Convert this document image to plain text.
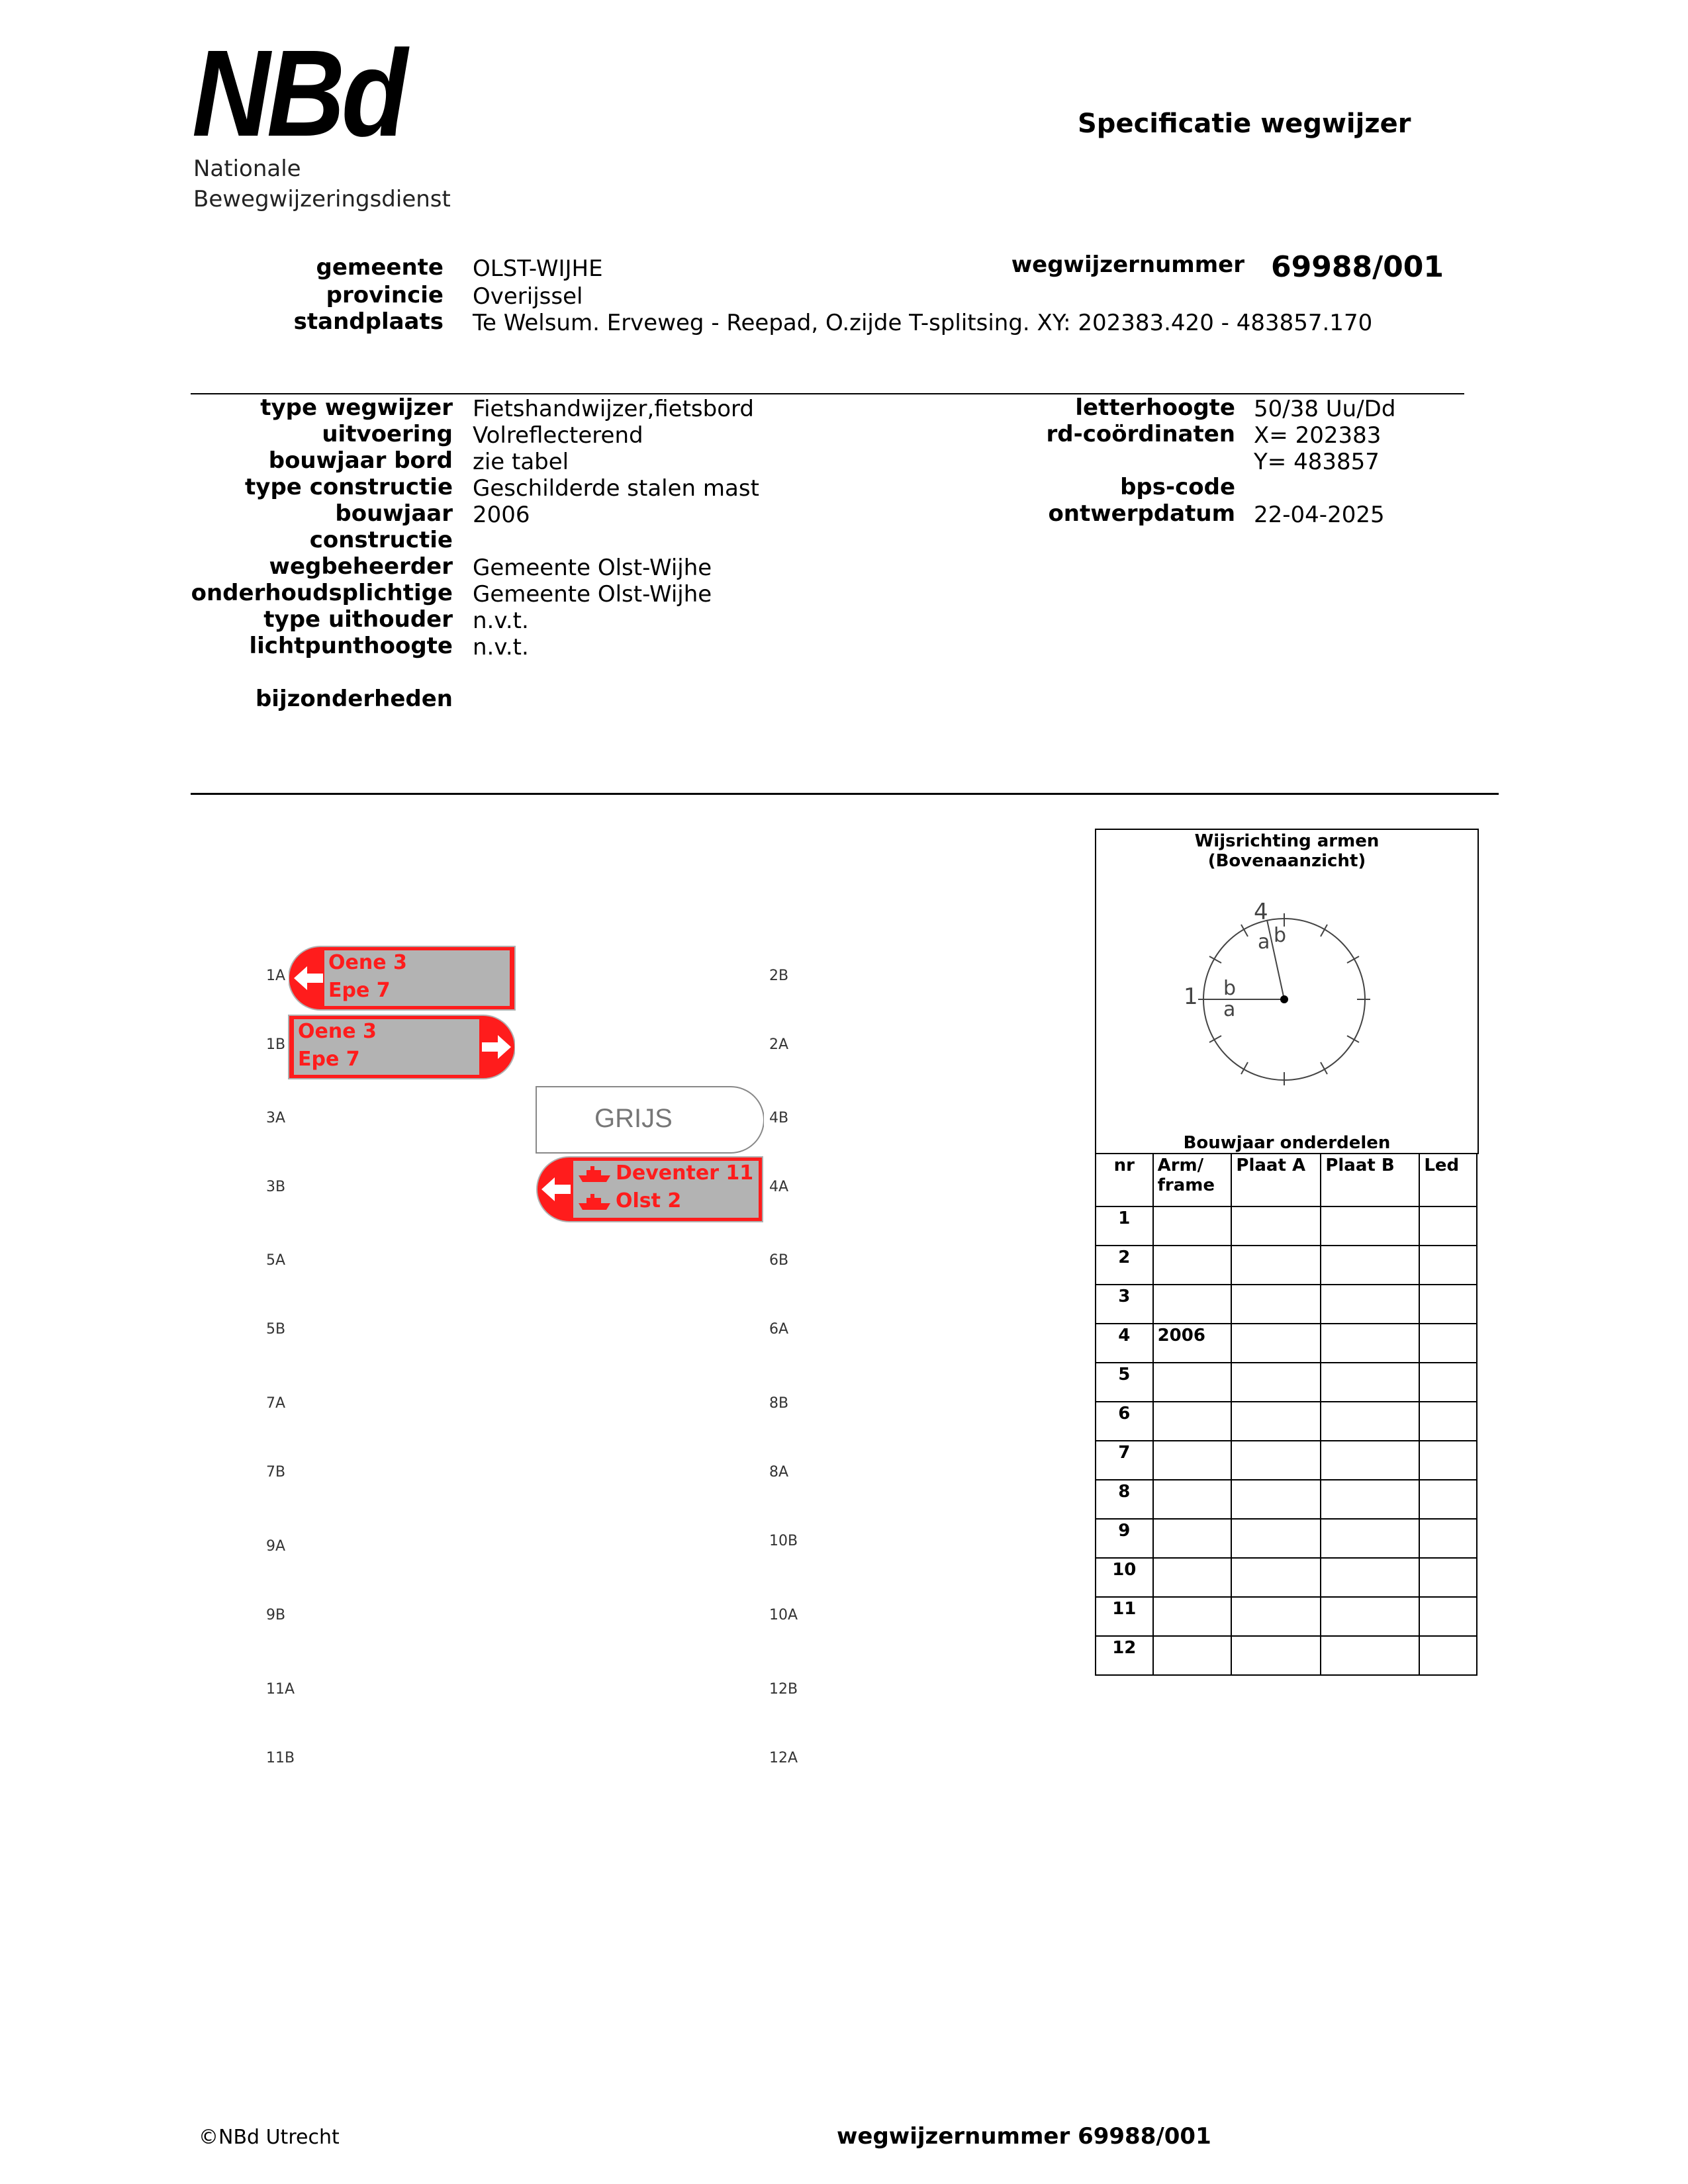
NBd
Nationale
Bewegwijzeringsdienst
Specificatie wegwijzer
gemeente OLST-WIJHE
provincie Overijssel
standplaats Te Welsum. Erveweg - Reepad, O.zijde T-splitsing. XY: 202383.420 - 483857.170
wegwijzernummer 69988/001
type wegwijzer Fietshandwijzer,fietsbord
uitvoering Volreflecterend
bouwjaar bord zie tabel
type constructie Geschilderde stalen mast
bouwjaar 2006
constructie
wegbeheerder Gemeente Olst-Wijhe
onderhoudsplichtige Gemeente Olst-Wijhe
type uithouder n.v.t.
lichtpunthoogte n.v.t.
bijzonderheden
letterhoogte 50/38 Uu/Dd
rd-coördinaten X= 202383
Y= 483857
bps-code
ontwerpdatum 22-04-2025
1A
1B
3A
3B
5A
5B
7A
7B
9A
9B
11A
11B
2B
2A
4B
4A
6B
6A
8B
8A
10B
10A
12B
12A
Oene 3
Epe 7
Oene 3
Epe 7
GRIJS
Deventer 11
Olst 2
Wijsrichting armen
(Bovenaanzicht)
1
4
b
a
a b
Bouwjaar onderdelen
nr	Arm/ frame	Plaat A	Plaat B	Led
1				
2				
3				
4	2006			
5				
6				
7				
8				
9				
10				
11				
12				
©NBd Utrecht	wegwijzernummer 69988/001
